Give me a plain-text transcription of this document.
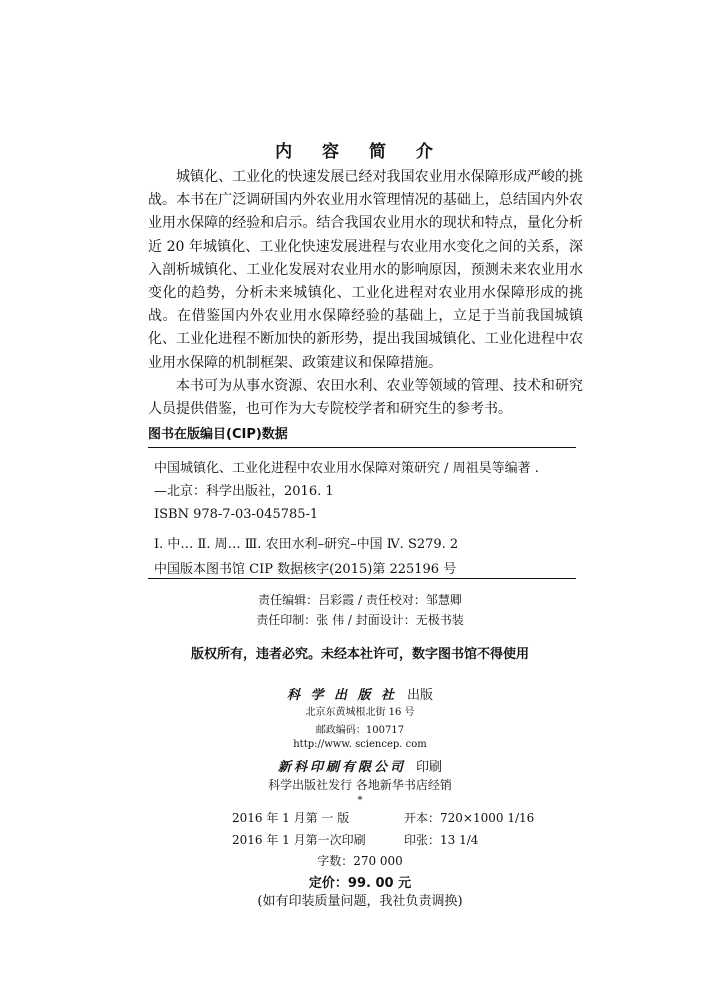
内 容 简 介

城镇化、工业化的快速发展已经对我国农业用水保障形成严峻的挑战。本书在广泛调研国内外农业用水管理情况的基础上，总结国内外农业用水保障的经验和启示。结合我国农业用水的现状和特点，量化分析近 20 年城镇化、工业化快速发展进程与农业用水变化之间的关系，深入剖析城镇化、工业化发展对农业用水的影响原因，预测未来农业用水变化的趋势，分析未来城镇化、工业化进程对农业用水保障形成的挑战。在借鉴国内外农业用水保障经验的基础上，立足于当前我国城镇化、工业化进程不断加快的新形势，提出我国城镇化、工业化进程中农业用水保障的机制框架、政策建议和保障措施。

本书可为从事水资源、农田水利、农业等领域的管理、技术和研究人员提供借鉴，也可作为大专院校学者和研究生的参考书。

图书在版编目(CIP)数据
中国城镇化、工业化进程中农业用水保障对策研究 / 周祖昊等编著 .
—北京：科学出版社，2016. 1
ISBN 978-7-03-045785-1
Ⅰ. 中… Ⅱ. 周… Ⅲ. 农田水利–研究–中国 Ⅳ. S279. 2
中国版本图书馆 CIP 数据核字(2015)第 225196 号
责任编辑：吕彩霞 / 责任校对：邹慧卿
责任印制：张 伟 / 封面设计：无极书装
版权所有，违者必究。未经本社许可，数字图书馆不得使用
科 学 出 版 社 出版
北京东黄城根北街 16 号
邮政编码：100717
http://www. sciencep. com
新科印刷有限公司 印刷
科学出版社发行 各地新华书店经销
*
2016 年 1 月第 一 版	开本：720×1000 1/16
2016 年 1 月第一次印刷	印张：13 1/4
字数：270 000
定价：99. 00 元
(如有印装质量问题，我社负责调换)
